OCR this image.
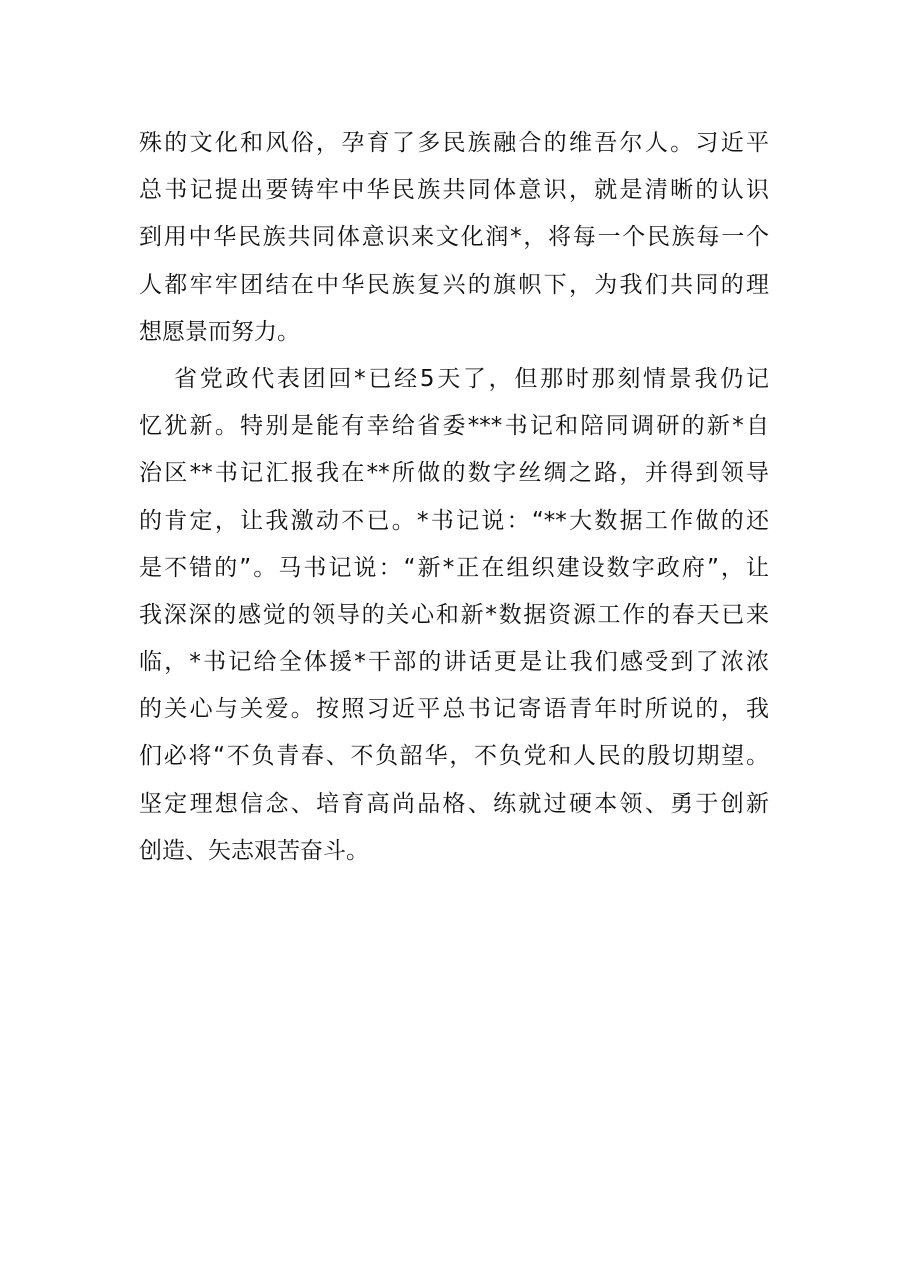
殊的文化和风俗，孕育了多民族融合的维吾尔人。习近平
总书记提出要铸牢中华民族共同体意识，就是清晰的认识
到用中华民族共同体意识来文化润*，将每一个民族每一个
人都牢牢团结在中华民族复兴的旗帜下，为我们共同的理
想愿景而努力。
省党政代表团回*已经5天了，但那时那刻情景我仍记
忆犹新。特别是能有幸给省委***书记和陪同调研的新*自
治区**书记汇报我在**所做的数字丝绸之路，并得到领导
的肯定，让我激动不已。*书记说：“**大数据工作做的还
是不错的”。马书记说：“新*正在组织建设数字政府”，让
我深深的感觉的领导的关心和新*数据资源工作的春天已来
临，*书记给全体援*干部的讲话更是让我们感受到了浓浓
的关心与关爱。按照习近平总书记寄语青年时所说的，我
们必将“不负青春、不负韶华，不负党和人民的殷切期望。
坚定理想信念、培育高尚品格、练就过硬本领、勇于创新
创造、矢志艰苦奋斗。
